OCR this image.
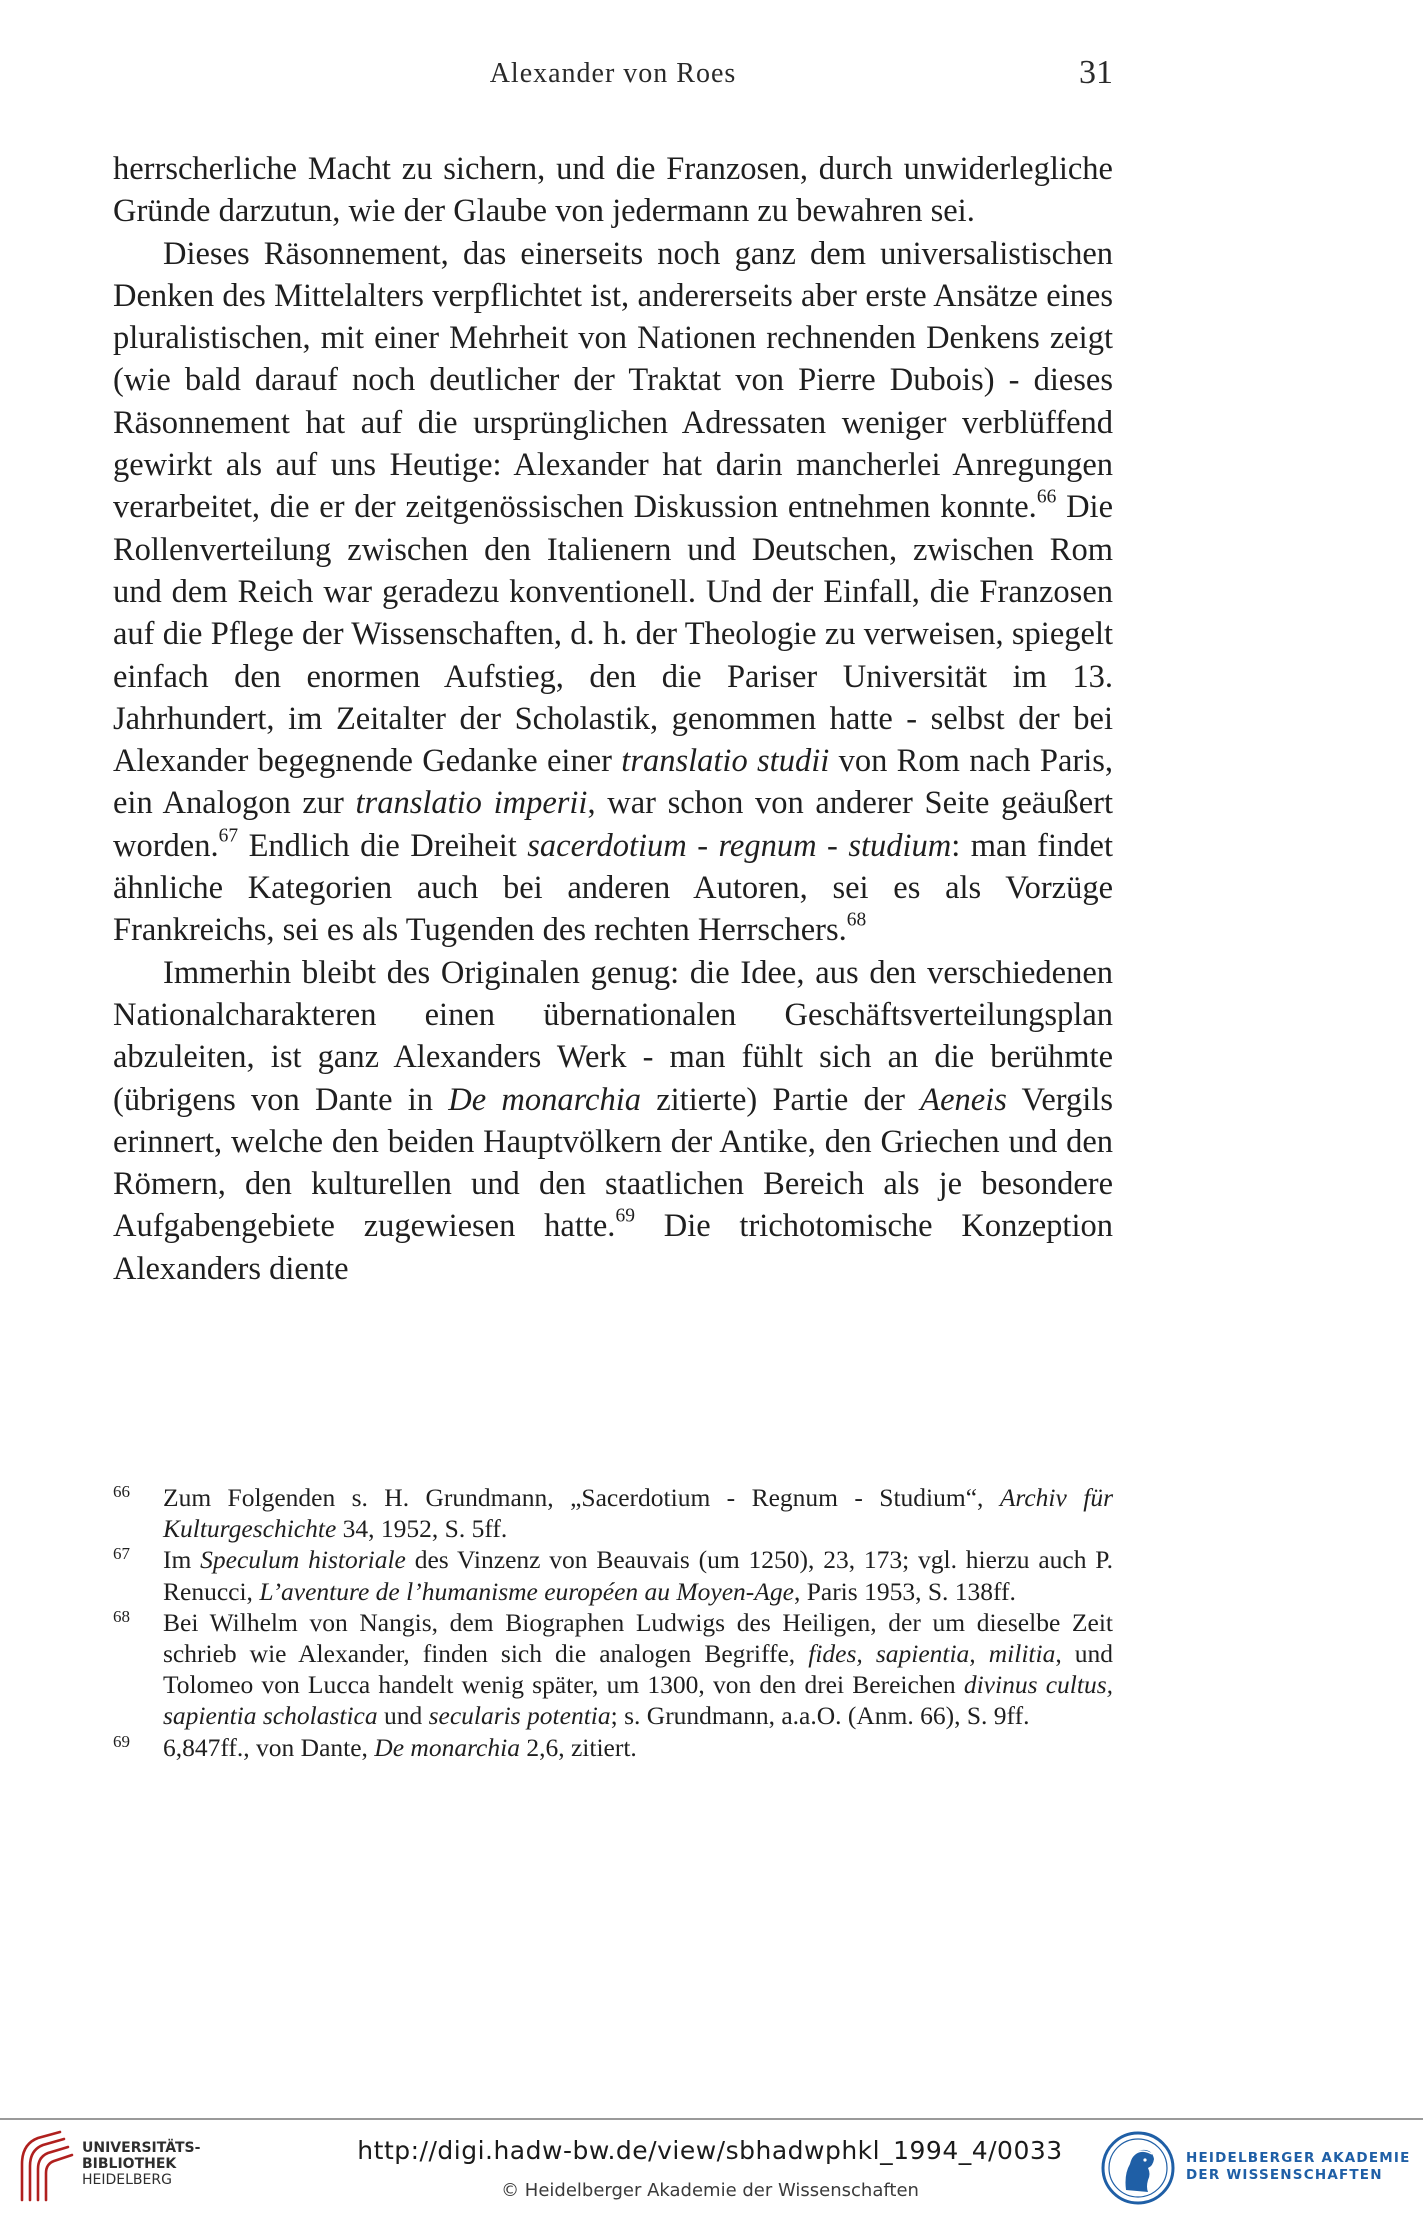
Alexander von Roes	31

herrscherliche Macht zu sichern, und die Franzosen, durch unwiderlegliche Gründe darzutun, wie der Glaube von jedermann zu bewahren sei.

Dieses Räsonnement, das einerseits noch ganz dem universalistischen Denken des Mittelalters verpflichtet ist, andererseits aber erste Ansätze eines pluralistischen, mit einer Mehrheit von Nationen rechnenden Denkens zeigt (wie bald darauf noch deutlicher der Traktat von Pierre Dubois) - dieses Räsonnement hat auf die ursprünglichen Adressaten weniger verblüffend gewirkt als auf uns Heutige: Alexander hat darin mancherlei Anregungen verarbeitet, die er der zeitgenössischen Diskussion entnehmen konnte.$^{66}$ Die Rollenverteilung zwischen den Italienern und Deutschen, zwischen Rom und dem Reich war geradezu konventionell. Und der Einfall, die Franzosen auf die Pflege der Wissenschaften, d. h. der Theologie zu verweisen, spiegelt einfach den enormen Aufstieg, den die Pariser Universität im 13. Jahrhundert, im Zeitalter der Scholastik, genommen hatte - selbst der bei Alexander begegnende Gedanke einer translatio studii von Rom nach Paris, ein Analogon zur translatio imperii, war schon von anderer Seite geäußert worden.$^{67}$ Endlich die Dreiheit sacerdotium - regnum - studium: man findet ähnliche Kategorien auch bei anderen Autoren, sei es als Vorzüge Frankreichs, sei es als Tugenden des rechten Herrschers.$^{68}$

Immerhin bleibt des Originalen genug: die Idee, aus den verschiedenen Nationalcharakteren einen übernationalen Geschäftsverteilungsplan abzuleiten, ist ganz Alexanders Werk - man fühlt sich an die berühmte (übrigens von Dante in De monarchia zitierte) Partie der Aeneis Vergils erinnert, welche den beiden Hauptvölkern der Antike, den Griechen und den Römern, den kulturellen und den staatlichen Bereich als je besondere Aufgabengebiete zugewiesen hatte.$^{69}$ Die trichotomische Konzeption Alexanders diente

66 Zum Folgenden s. H. Grundmann, „Sacerdotium - Regnum - Studium“, Archiv für Kulturgeschichte 34, 1952, S. 5ff.

67 Im Speculum historiale des Vinzenz von Beauvais (um 1250), 23, 173; vgl. hierzu auch P. Renucci, L’aventure de l’humanisme européen au Moyen-Age, Paris 1953, S. 138ff.

68 Bei Wilhelm von Nangis, dem Biographen Ludwigs des Heiligen, der um dieselbe Zeit schrieb wie Alexander, finden sich die analogen Begriffe, fides, sapientia, militia, und Tolomeo von Lucca handelt wenig später, um 1300, von den drei Bereichen divinus cultus, sapientia scholastica und secularis potentia; s. Grundmann, a.a.O. (Anm. 66), S. 9ff.

69 6,847ff., von Dante, De monarchia 2,6, zitiert.

UNIVERSITÄTS-
BIBLIOTHEK
HEIDELBERG
http://digi.hadw-bw.de/view/sbhadwphkl_1994_4/0033
© Heidelberger Akademie der Wissenschaften
HEIDELBERGER AKADEMIE
DER WISSENSCHAFTEN
